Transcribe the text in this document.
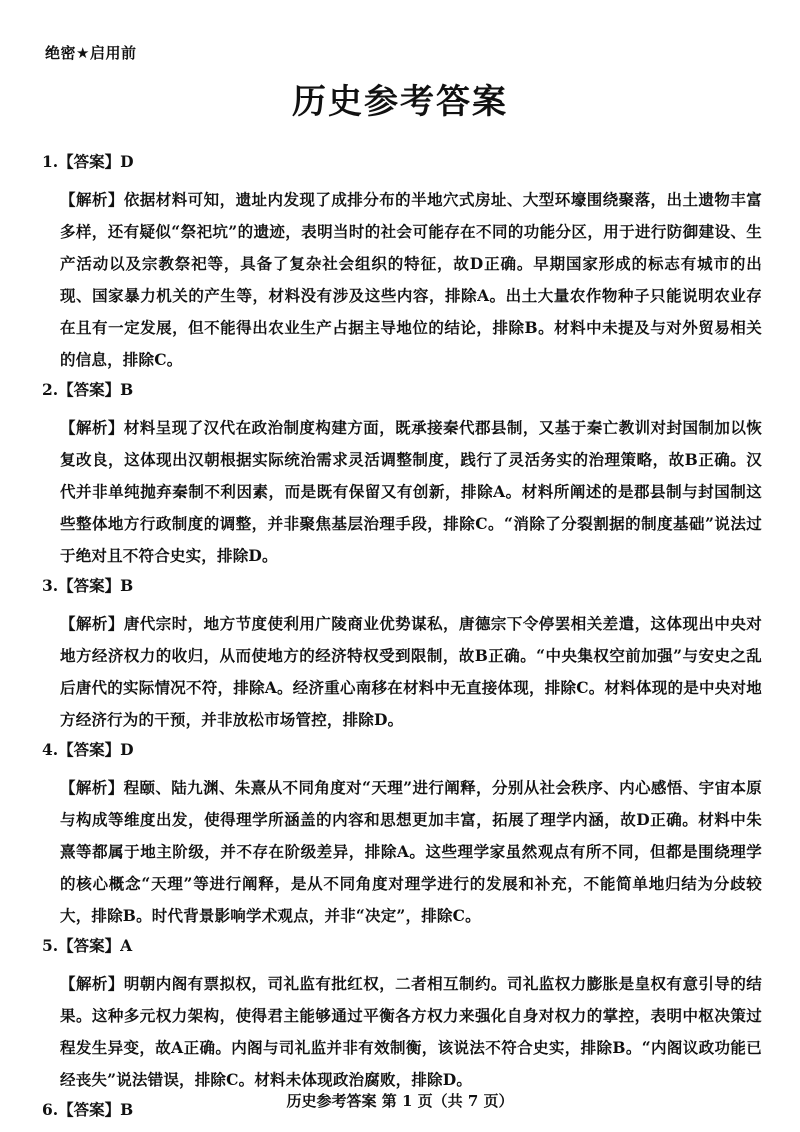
绝密★启用前
历史参考答案
1.【答案】D
【解析】依据材料可知，遗址内发现了成排分布的半地穴式房址、大型环壕围绕聚落，出土遗物丰富多样，还有疑似“祭祀坑”的遗迹，表明当时的社会可能存在不同的功能分区，用于进行防御建设、生产活动以及宗教祭祀等，具备了复杂社会组织的特征，故D正确。早期国家形成的标志有城市的出现、国家暴力机关的产生等，材料没有涉及这些内容，排除A。出土大量农作物种子只能说明农业存在且有一定发展，但不能得出农业生产占据主导地位的结论，排除B。材料中未提及与对外贸易相关的信息，排除C。
2.【答案】B
【解析】材料呈现了汉代在政治制度构建方面，既承接秦代郡县制，又基于秦亡教训对封国制加以恢复改良，这体现出汉朝根据实际统治需求灵活调整制度，践行了灵活务实的治理策略，故B正确。汉代并非单纯抛弃秦制不利因素，而是既有保留又有创新，排除A。材料所阐述的是郡县制与封国制这些整体地方行政制度的调整，并非聚焦基层治理手段，排除C。“消除了分裂割据的制度基础”说法过于绝对且不符合史实，排除D。
3.【答案】B
【解析】唐代宗时，地方节度使利用广陵商业优势谋私，唐德宗下令停罢相关差遣，这体现出中央对地方经济权力的收归，从而使地方的经济特权受到限制，故B正确。“中央集权空前加强”与安史之乱后唐代的实际情况不符，排除A。经济重心南移在材料中无直接体现，排除C。材料体现的是中央对地方经济行为的干预，并非放松市场管控，排除D。
4.【答案】D
【解析】程颐、陆九渊、朱熹从不同角度对“天理”进行阐释，分别从社会秩序、内心感悟、宇宙本原与构成等维度出发，使得理学所涵盖的内容和思想更加丰富，拓展了理学内涵，故D正确。材料中朱熹等都属于地主阶级，并不存在阶级差异，排除A。这些理学家虽然观点有所不同，但都是围绕理学的核心概念“天理”等进行阐释，是从不同角度对理学进行的发展和补充，不能简单地归结为分歧较大，排除B。时代背景影响学术观点，并非“决定”，排除C。
5.【答案】A
【解析】明朝内阁有票拟权，司礼监有批红权，二者相互制约。司礼监权力膨胀是皇权有意引导的结果。这种多元权力架构，使得君主能够通过平衡各方权力来强化自身对权力的掌控，表明中枢决策过程发生异变，故A正确。内阁与司礼监并非有效制衡，该说法不符合史实，排除B。“内阁议政功能已经丧失”说法错误，排除C。材料未体现政治腐败，排除D。
6.【答案】B	历史参考答案 第 1 页（共 7 页）
